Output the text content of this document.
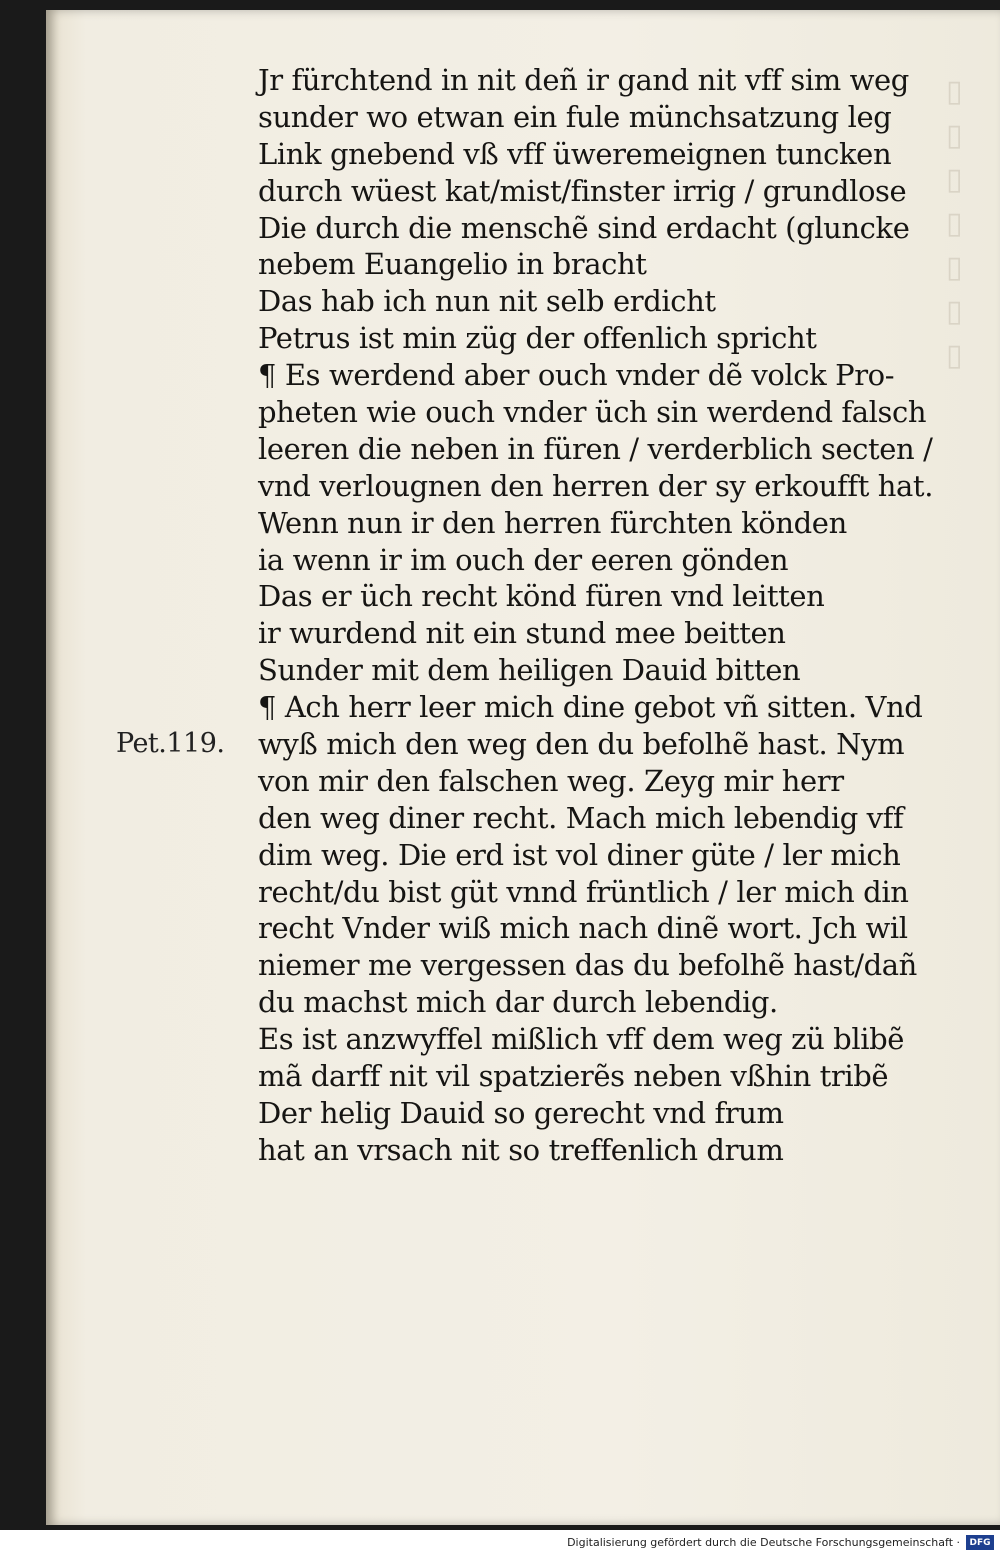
▯
▯
▯
▯
▯
▯
▯
Pet.119.
Jr fürchtend in nit deñ ir gand nit vff sim weg
sunder wo etwan ein fule münchsatzung leg
Link gnebend vß vff üweremeignen tuncken
durch wüest kat/mist/finster irrig / grundlose
Die durch die menschẽ sind erdacht (gluncke
nebem Euangelio in bracht
Das hab ich nun nit selb erdicht
Petrus ist min züg der offenlich spricht
¶ Es werdend aber ouch vnder dẽ volck Pro-
pheten wie ouch vnder üch sin werdend falsch
leeren die neben in füren / verderblich secten /
vnd verlougnen den herren der sy erkoufft hat.
Wenn nun ir den herren fürchten könden
ia wenn ir im ouch der eeren gönden
Das er üch recht könd füren vnd leitten
ir wurdend nit ein stund mee beitten
Sunder mit dem heiligen Dauid bitten
¶ Ach herr leer mich dine gebot vñ sitten. Vnd
wyß mich den weg den du befolhẽ hast. Nym
von mir den falschen weg. Zeyg mir herr
den weg diner recht. Mach mich lebendig vff
dim weg. Die erd ist vol diner güte / ler mich
recht/du bist güt vnnd früntlich / ler mich din
recht Vnder wiß mich nach dinẽ wort. Jch wil
niemer me vergessen das du befolhẽ hast/dañ
du machst mich dar durch lebendig.
Es ist anzwyffel mißlich vff dem weg zü blibẽ
mã darff nit vil spatzierẽs neben vßhin tribẽ
Der helig Dauid so gerecht vnd frum
hat an vrsach nit so treffenlich drum
Digitalisierung gefördert durch die Deutsche Forschungsgemeinschaft ·	DFG
